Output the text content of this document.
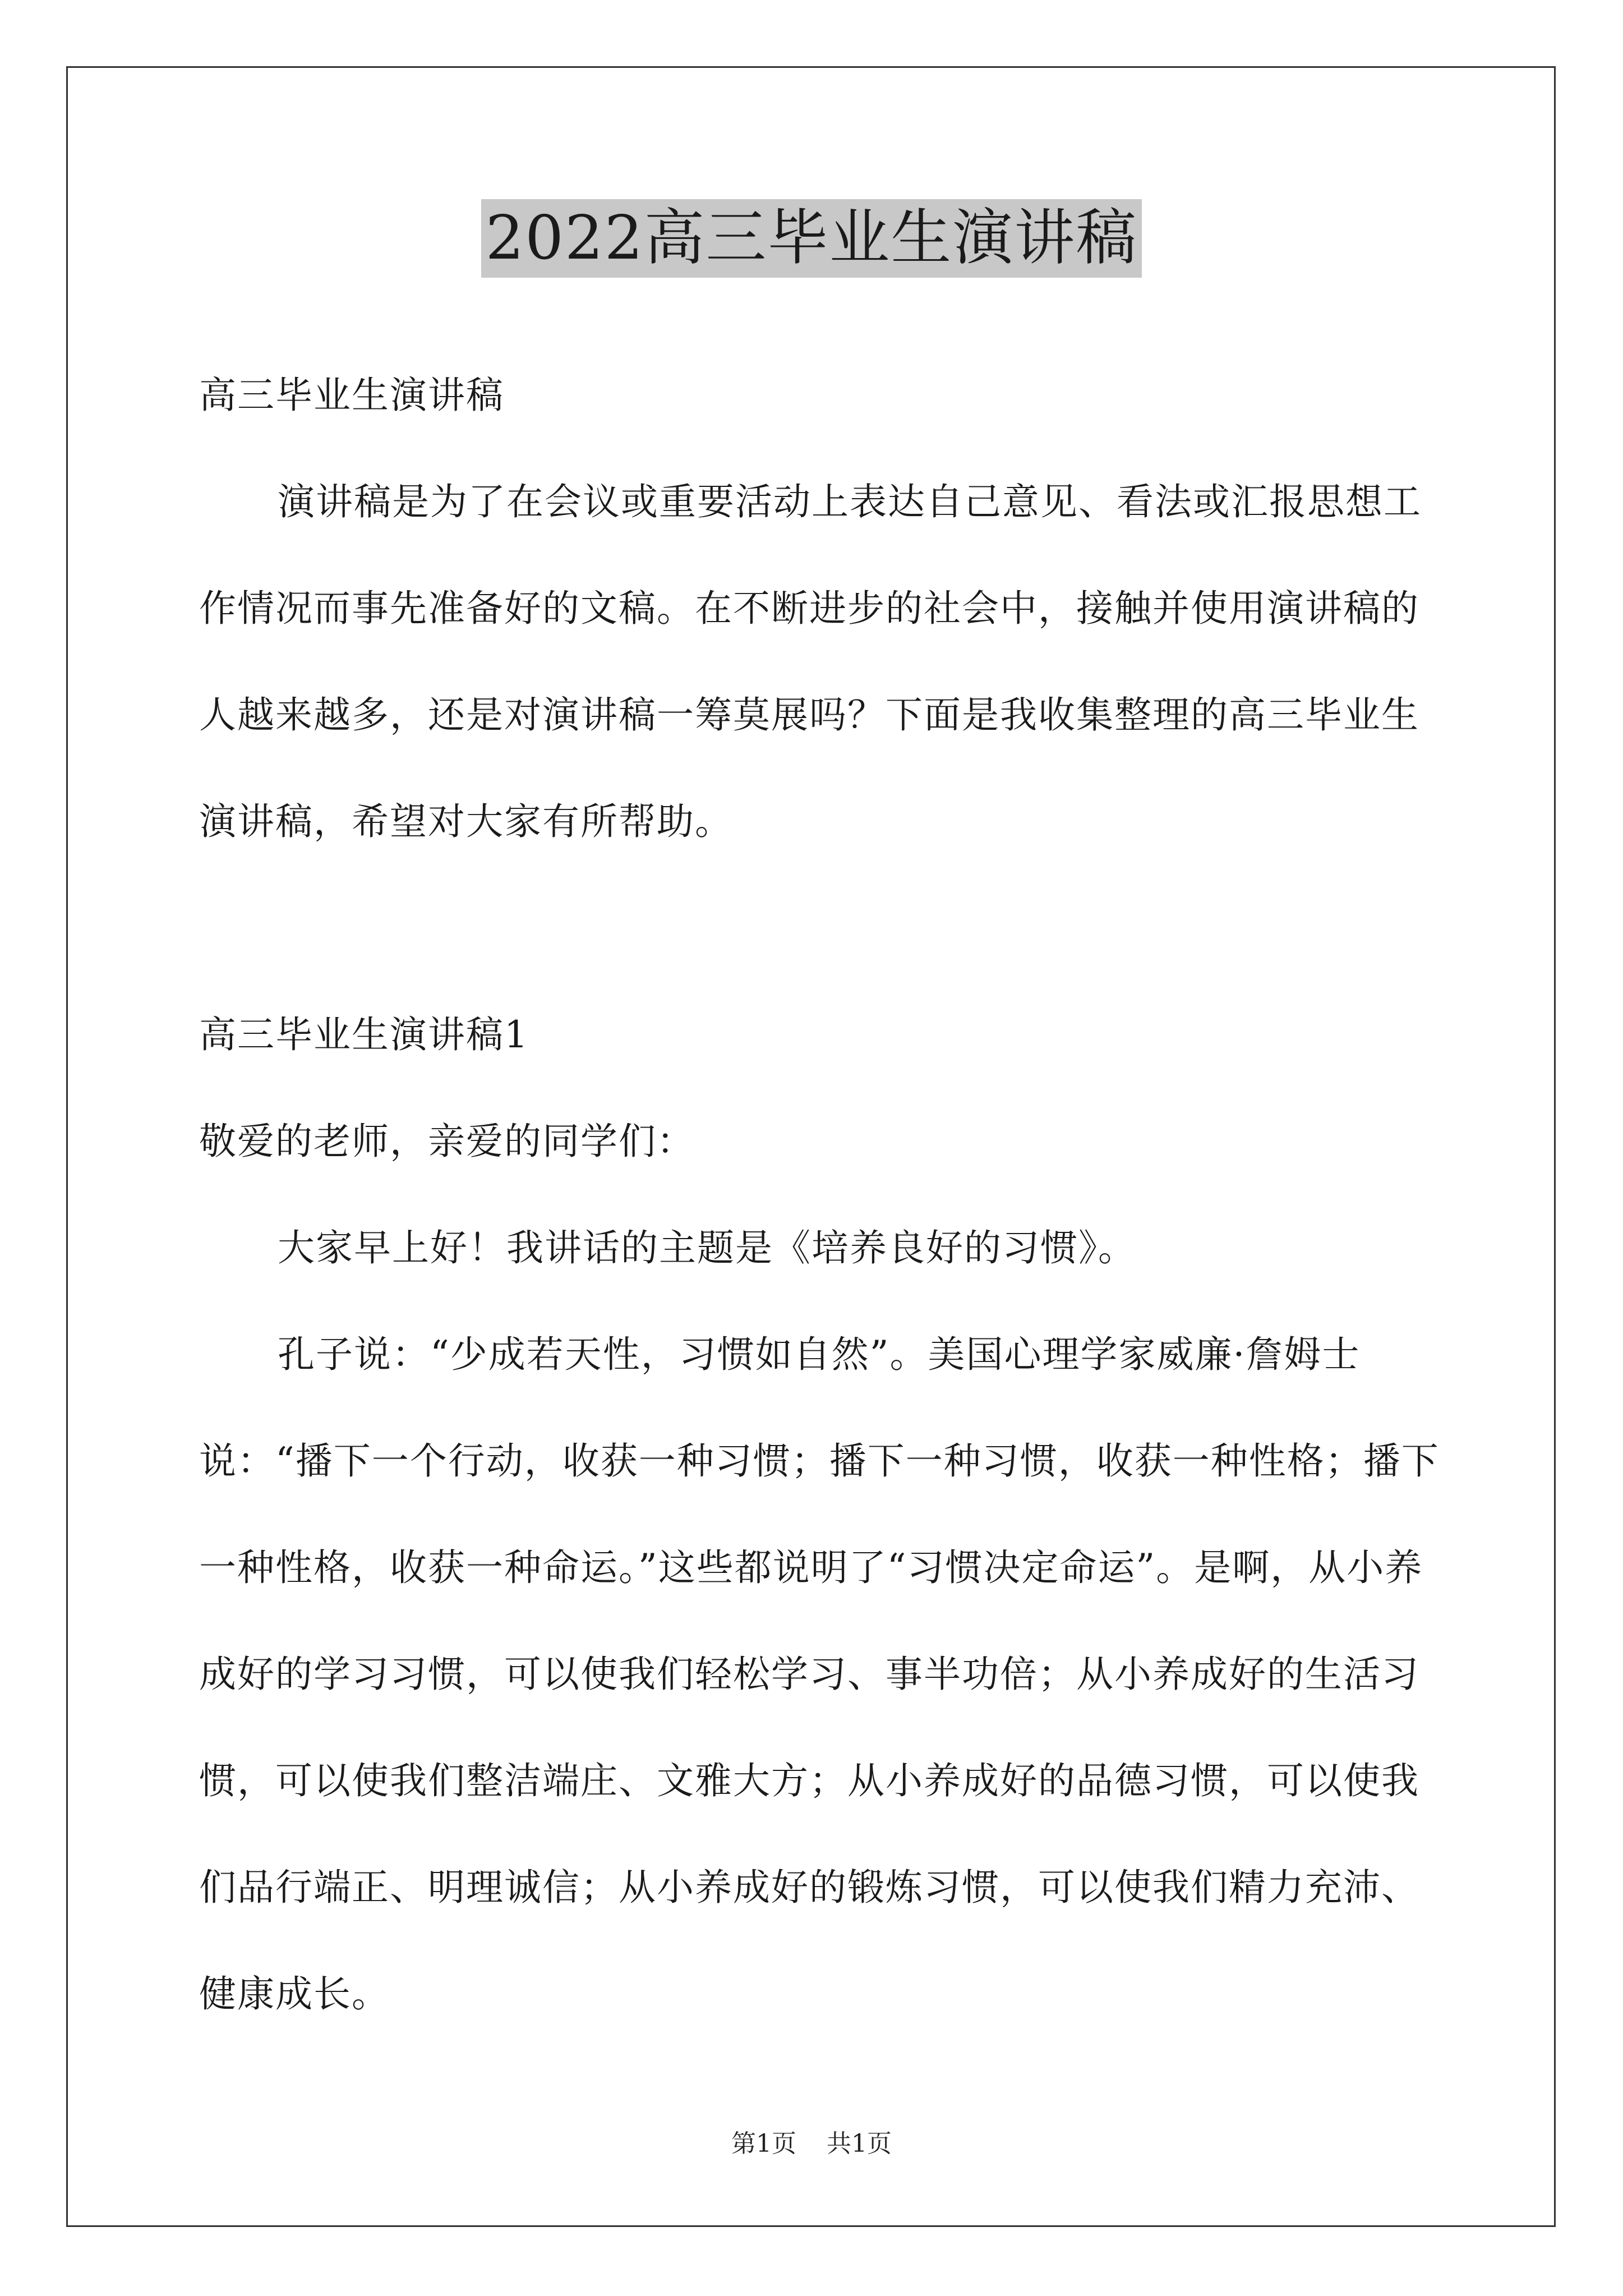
2022高三毕业生演讲稿
高三毕业生演讲稿
演讲稿是为了在会议或重要活动上表达自己意见、看法或汇报思想工作情况而事先准备好的文稿。在不断进步的社会中，接触并使用演讲稿的人越来越多，还是对演讲稿一筹莫展吗？下面是我收集整理的高三毕业生演讲稿，希望对大家有所帮助。
高三毕业生演讲稿1
敬爱的老师，亲爱的同学们：
大家早上好！我讲话的主题是《培养良好的习惯》。
孔子说：“少成若天性，习惯如自然”。美国心理学家威廉·詹姆士说：“播下一个行动，收获一种习惯；播下一种习惯，收获一种性格；播下一种性格，收获一种命运。”这些都说明了“习惯决定命运”。是啊，从小养成好的学习习惯，可以使我们轻松学习、事半功倍；从小养成好的生活习惯，可以使我们整洁端庄、文雅大方；从小养成好的品德习惯，可以使我们品行端正、明理诚信；从小养成好的锻炼习惯，可以使我们精力充沛、健康成长。
第1页 共1页
